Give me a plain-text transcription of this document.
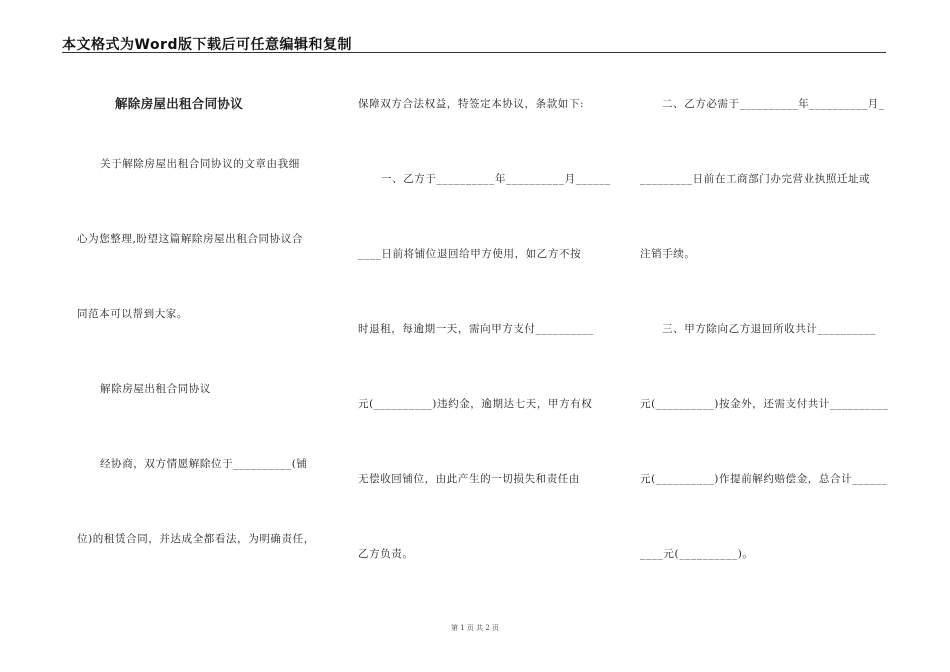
本文格式为Word版下载后可任意编辑和复制
解除房屋出租合同协议
关于解除房屋出租合同协议的文章由我细
心为您整理,盼望这篇解除房屋出租合同协议合
同范本可以帮到大家。
解除房屋出租合同协议
经协商，双方情愿解除位于__________(铺
位)的租赁合同，并达成全都看法，为明确责任，
保障双方合法权益，特签定本协议，条款如下:
一、乙方于__________年__________月______
____日前将铺位退回给甲方使用，如乙方不按
时退租，每逾期一天，需向甲方支付__________
元(__________)违约金，逾期达七天，甲方有权
无偿收回铺位，由此产生的一切损失和责任由
乙方负责。
二、乙方必需于__________年__________月_
_________日前在工商部门办完营业执照迁址或
注销手续。
三、甲方除向乙方退回所收共计__________
元(__________)按金外，还需支付共计__________
元(__________)作提前解约赔偿金，总合计______
____元(__________)。
第 1 页 共 2 页
